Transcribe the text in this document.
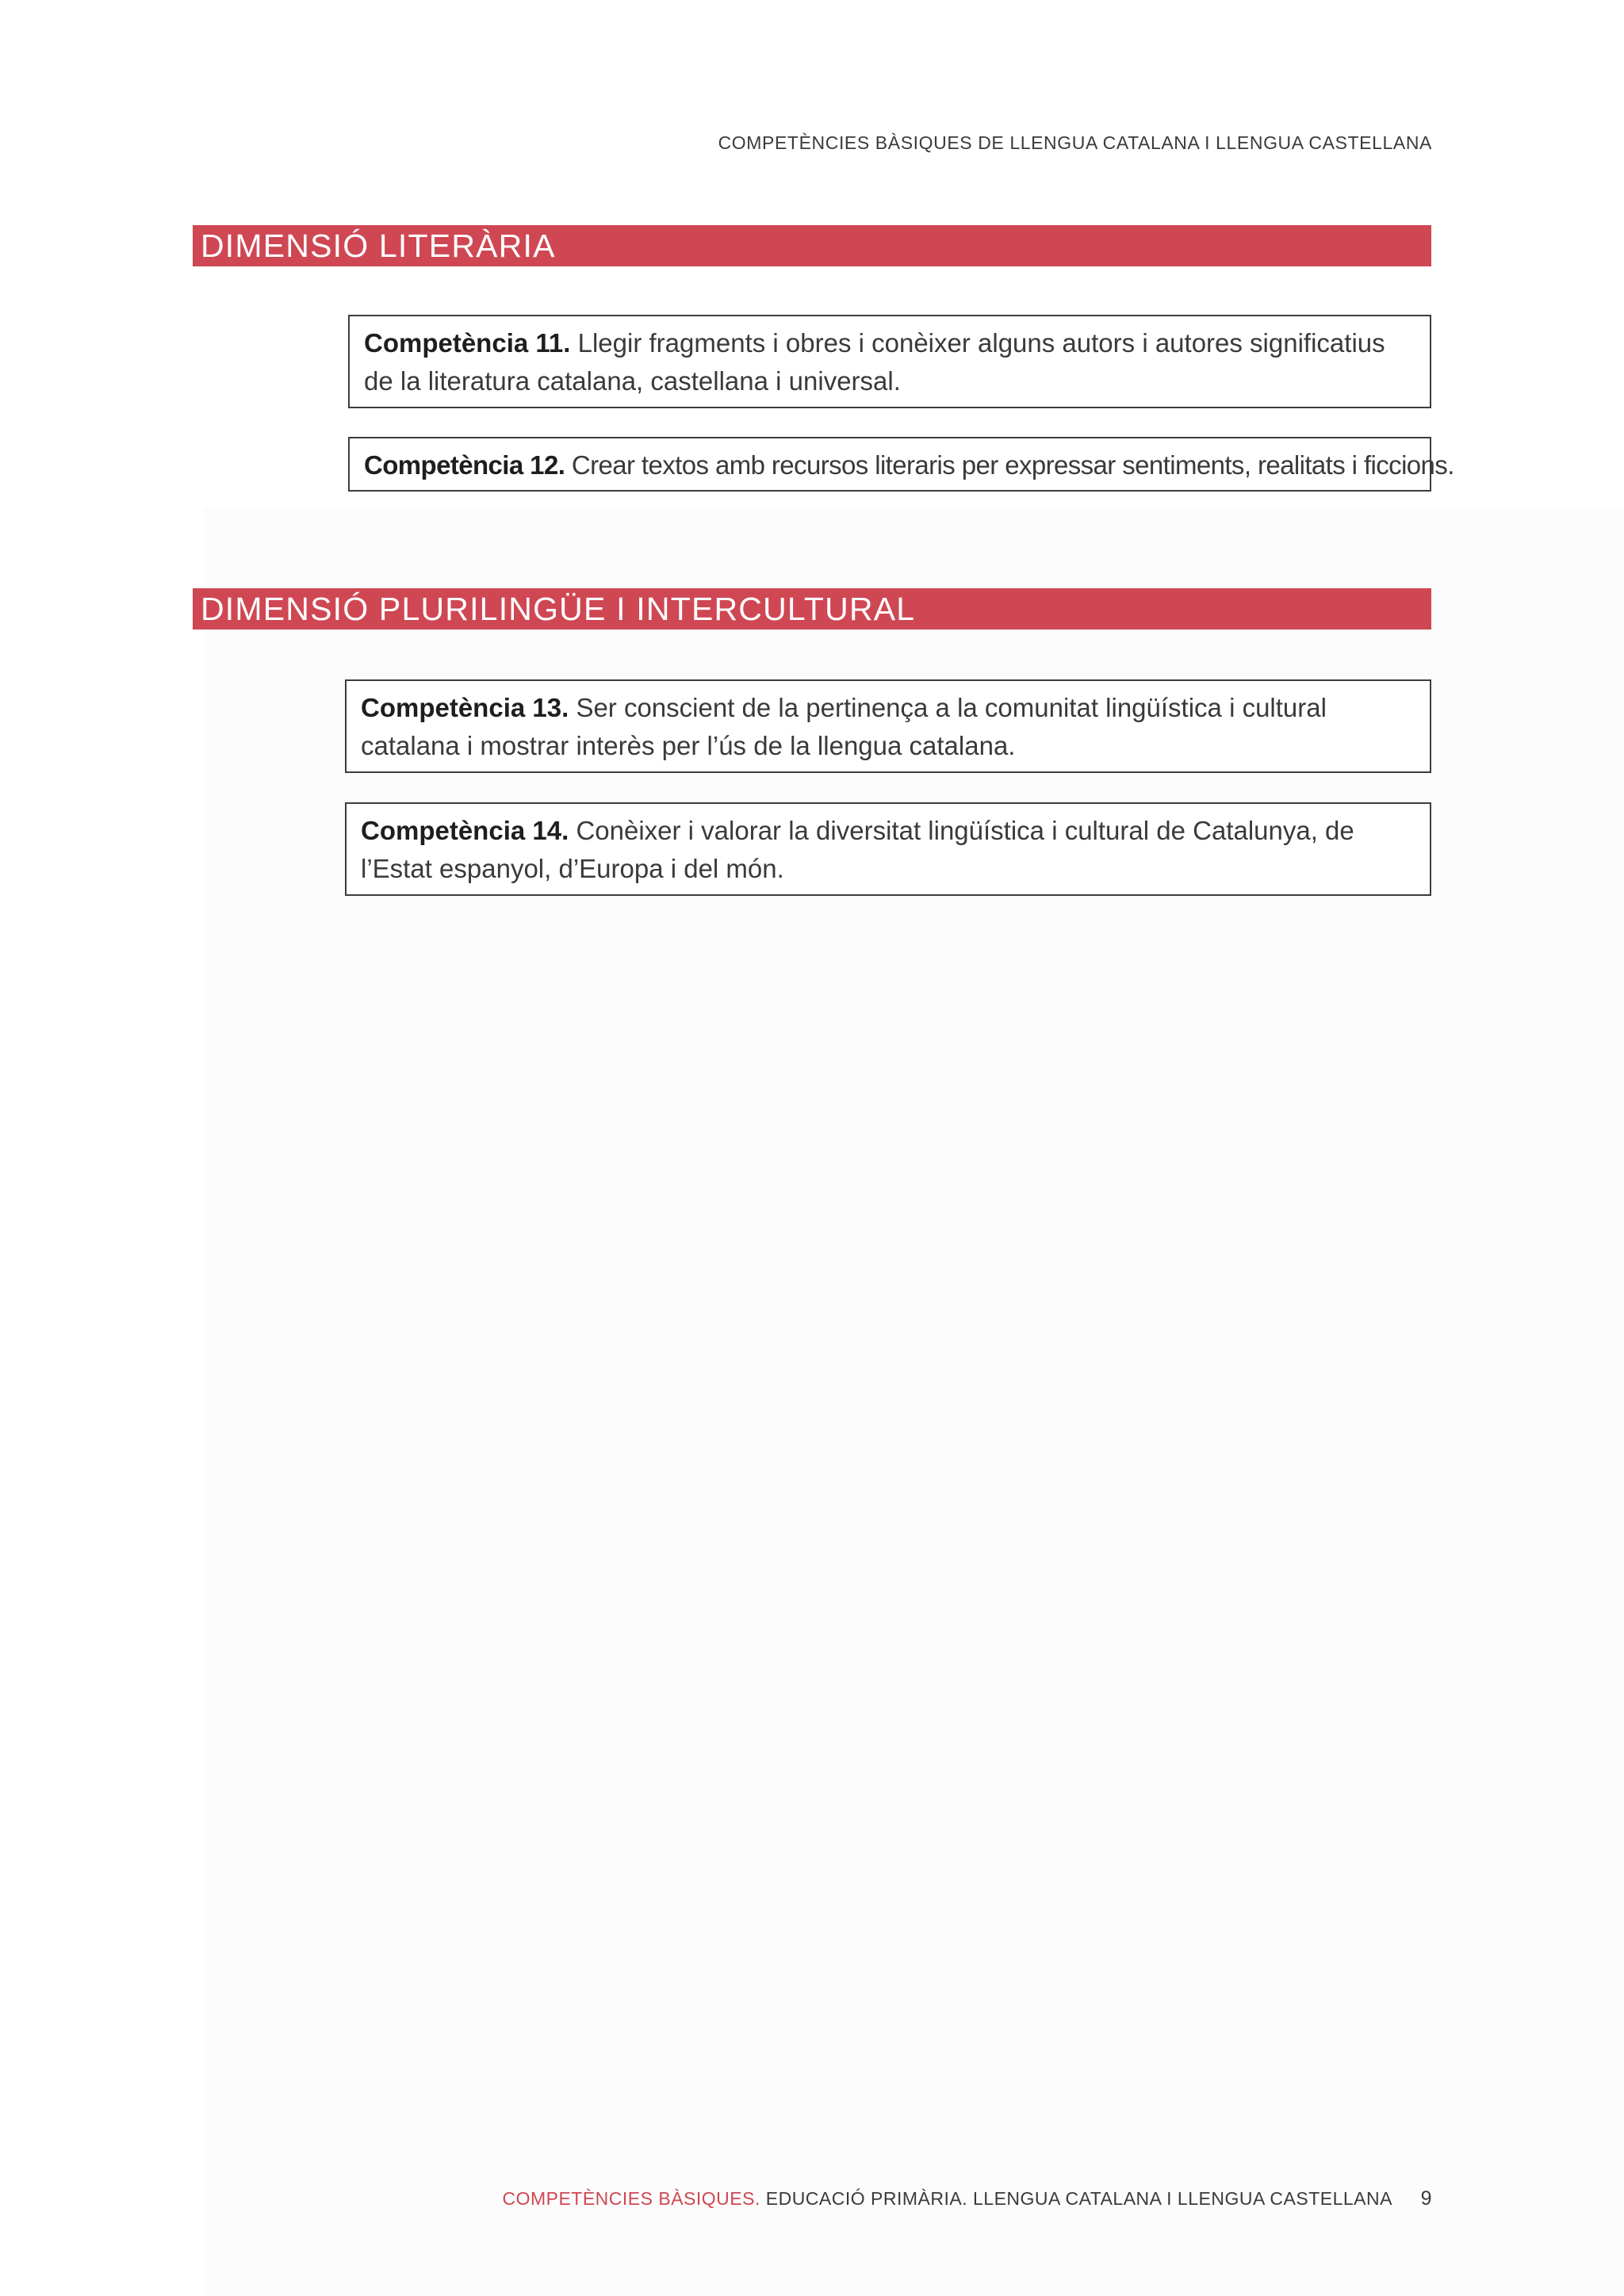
COMPETÈNCIES BÀSIQUES DE LLENGUA CATALANA I LLENGUA CASTELLANA
DIMENSIÓ LITERÀRIA
Competència 11. Llegir fragments i obres i conèixer alguns autors i autores significatius de la literatura catalana, castellana i universal.
Competència 12. Crear textos amb recursos literaris per expressar sentiments, realitats i ficcions.
DIMENSIÓ PLURILINGÜE I INTERCULTURAL
Competència 13. Ser conscient de la pertinença a la comunitat lingüística i cultural catalana i mostrar interès per l’ús de la llengua catalana.
Competència 14. Conèixer i valorar la diversitat lingüística i cultural de Catalunya, de l’Estat espanyol, d’Europa i del món.
COMPETÈNCIES BÀSIQUES. EDUCACIÓ PRIMÀRIA. LLENGUA CATALANA I LLENGUA CASTELLANA 9
